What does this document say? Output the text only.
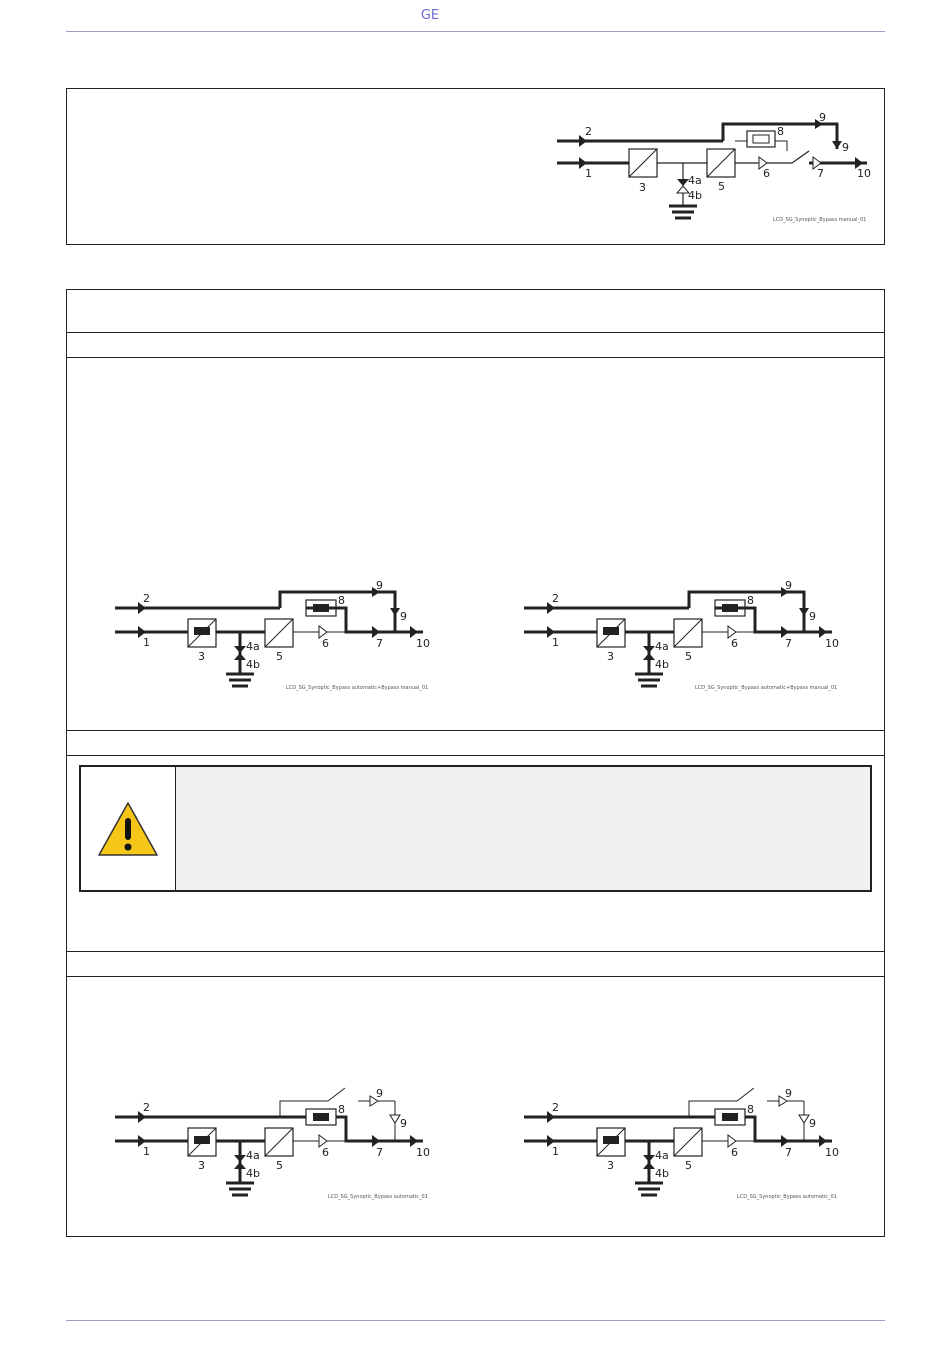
GE
2
1
3
4a
4b
5
6	7
8
9
9
10
LCD_SG_Synoptic_Bypass manual_01
2
1
3
4a
4b
5
6	7
8
9
9
10
LCD_SG_Synoptic_Bypass automatic+Bypass manual_01
2
1
3
4a
4b
5
6	7
8
9
9
10
LCD_SG_Synoptic_Bypass automatic+Bypass manual_01
2
1
3
4a
4b
5
6	7
8
9
9
10
LCD_SG_Synoptic_Bypass automatic_01
2
1
3
4a
4b
5
6	7
8
9
9
10
LCD_SG_Synoptic_Bypass automatic_01
